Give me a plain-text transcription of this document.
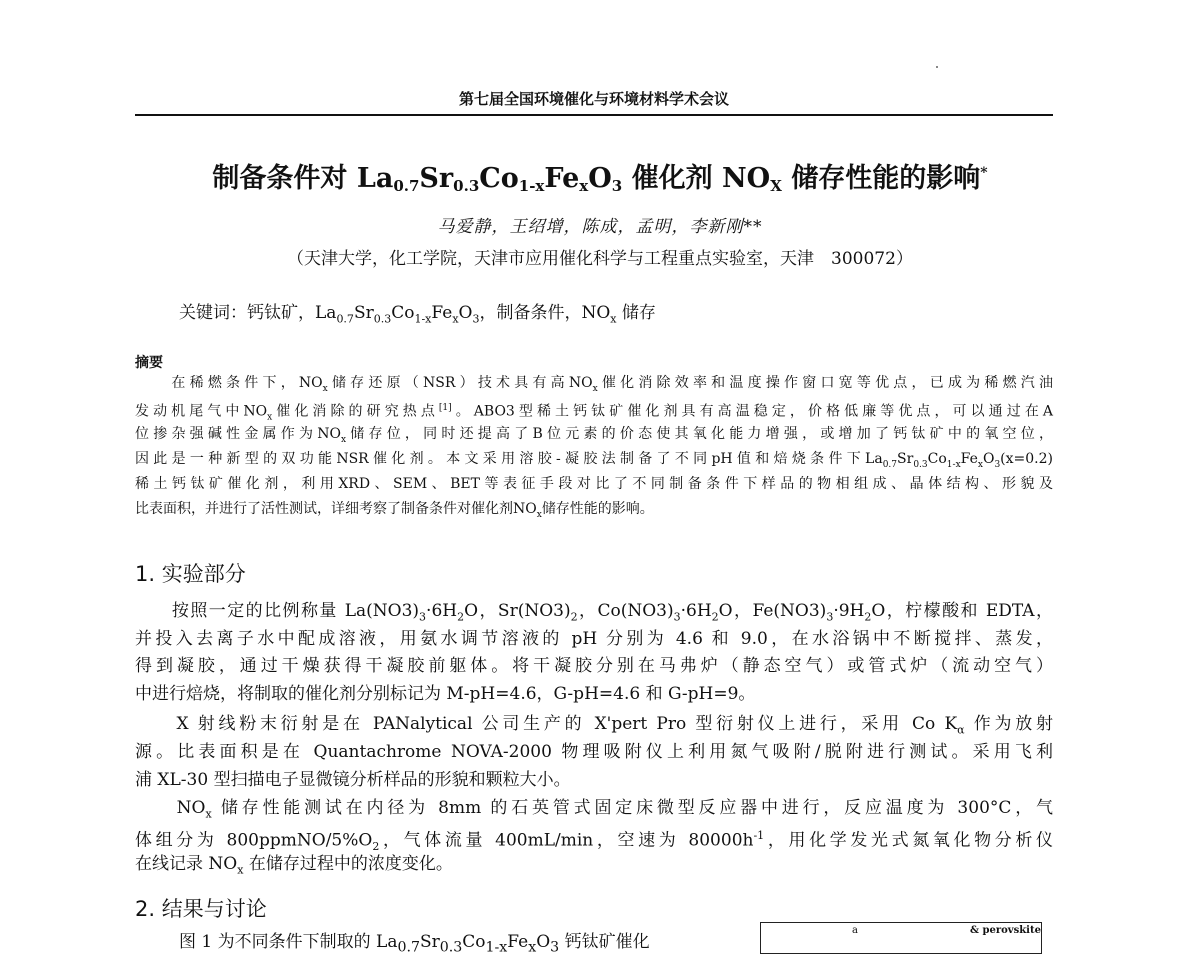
第七届全国环境催化与环境材料学术会议
制备条件对 $La_{0.7}Sr_{0.3}Co_{1-x}Fe_xO_3$ 催化剂 $NO_X$ 储存性能的影响*
马爱静，王绍增，陈成，孟明，李新刚**
（天津大学，化工学院，天津市应用催化科学与工程重点实验室，天津　300072）
关键词：钙钛矿，$La_{0.7}Sr_{0.3}Co_{1-x}Fe_xO_3$，制备条件，$NO_x$ 储存
摘要
　　在稀燃条件下，$NO_x$储存还原（NSR）技术具有高$NO_x$催化消除效率和温度操作窗口宽等优点，已成为稀燃汽油
发动机尾气中$NO_x$催化消除的研究热点[1]。ABO3型稀土钙钛矿催化剂具有高温稳定，价格低廉等优点，可以通过在A
位掺杂强碱性金属作为$NO_x$储存位，同时还提高了B位元素的价态使其氧化能力增强，或增加了钙钛矿中的氧空位，
因此是一种新型的双功能NSR催化剂。本文采用溶胶-凝胶法制备了不同pH值和焙烧条件下$La_{0.7}Sr_{0.3}Co_{1-x}Fe_xO_3(x=0.2)$
稀土钙钛矿催化剂，利用XRD、SEM、BET等表征手段对比了不同制备条件下样品的物相组成、晶体结构、形貌及
比表面积，并进行了活性测试，详细考察了制备条件对催化剂$NO_x$储存性能的影响。
1. 实验部分
　　按照一定的比例称量 $La(NO3)_3\cdot 6H_2O$，$Sr(NO3)_2$，$Co(NO3)_3\cdot 6H_2O$，$Fe(NO3)_3\cdot 9H_2O$，柠檬酸和 EDTA，
并投入去离子水中配成溶液，用氨水调节溶液的 pH 分别为 4.6 和 9.0，在水浴锅中不断搅拌、蒸发，
得到凝胶，通过干燥获得干凝胶前躯体。将干凝胶分别在马弗炉（静态空气）或管式炉（流动空气）
中进行焙烧，将制取的催化剂分别标记为 M-pH=4.6，G-pH=4.6 和 G-pH=9。
　　X 射线粉末衍射是在 PANalytical 公司生产的 X'pert Pro 型衍射仪上进行，采用 Co $K_\alpha$ 作为放射
源。比表面积是在 Quantachrome NOVA-2000 物理吸附仪上利用氮气吸附/脱附进行测试。采用飞利
浦 XL-30 型扫描电子显微镜分析样品的形貌和颗粒大小。
　　$NO_x$ 储存性能测试在内径为 8mm 的石英管式固定床微型反应器中进行，反应温度为 300°C，气
体组分为 $800ppmNO/5\%O_2$，气体流量 400mL/min，空速为 $80000h^{-1}$，用化学发光式氮氧化物分析仪
在线记录 $NO_x$ 在储存过程中的浓度变化。
2. 结果与讨论
图 1 为不同条件下制取的 $La_{0.7}Sr_{0.3}Co_{1-x}Fe_xO_3$ 钙钛矿催化
a	& perovskite
